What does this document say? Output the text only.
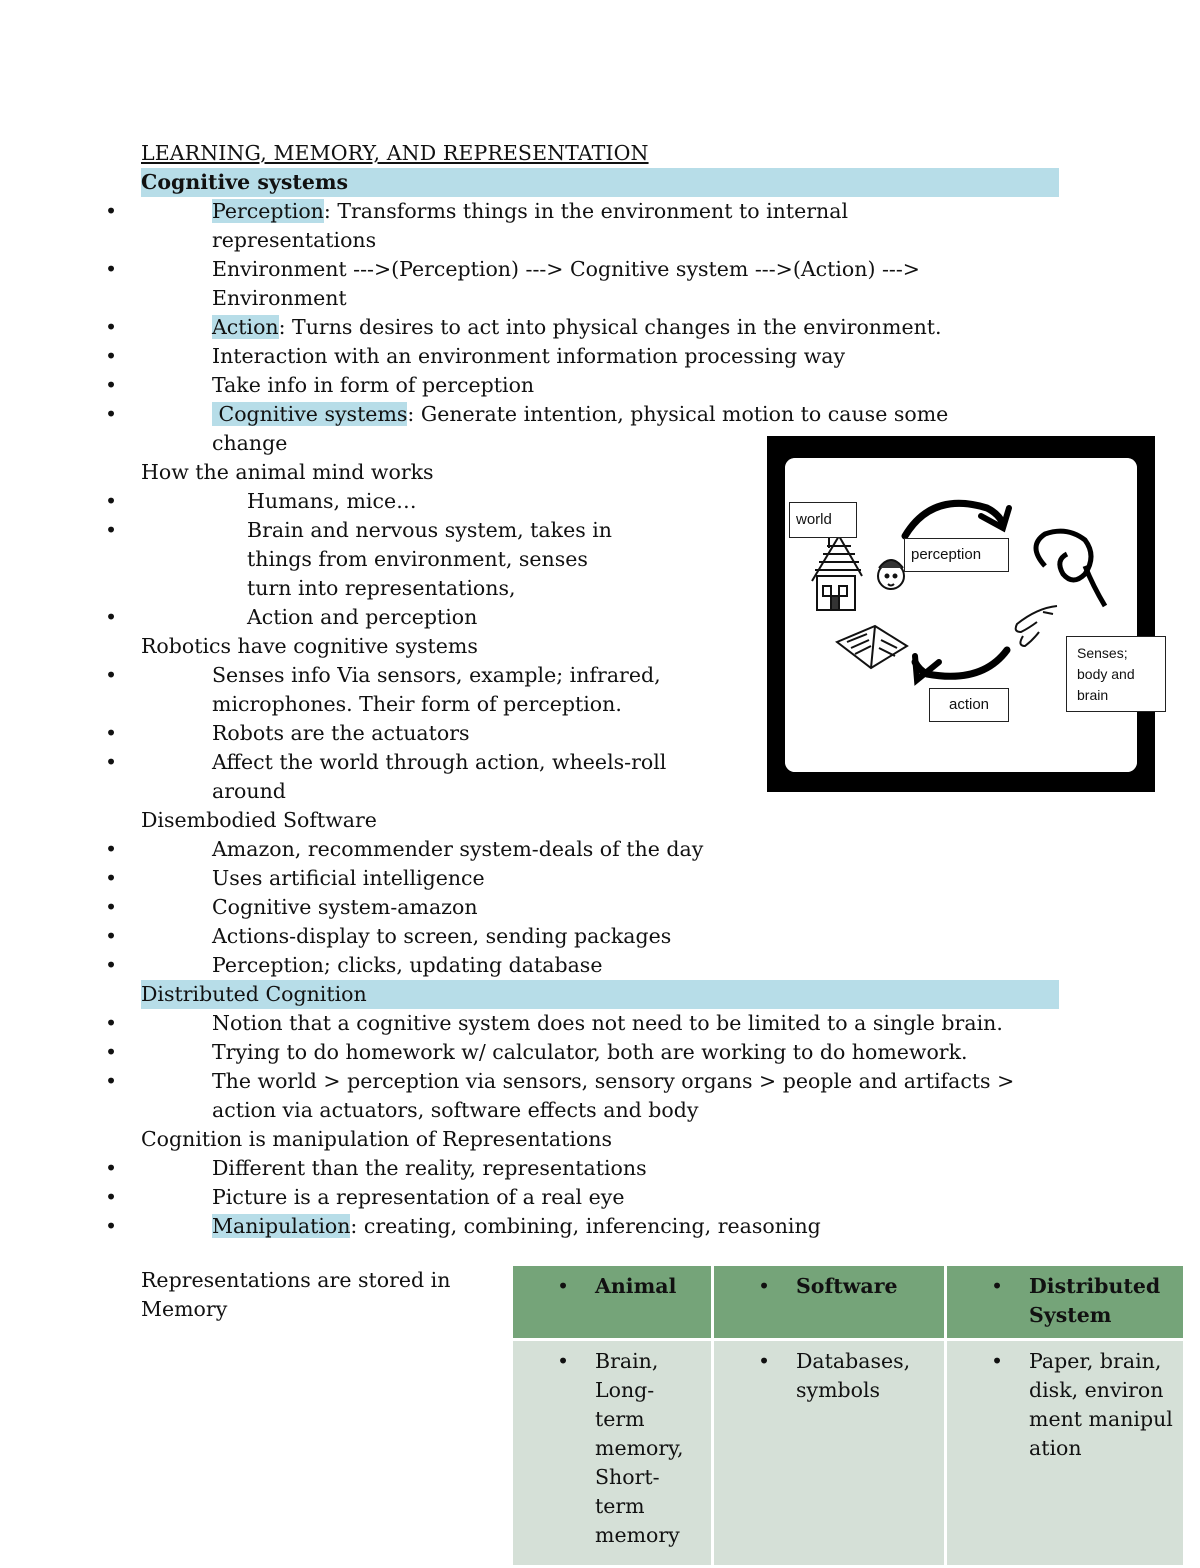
LEARNING, MEMORY, AND REPRESENTATION
Cognitive systems
• Perception: Transforms things in the environment to internal
representations
• Environment --->(Perception) ---> Cognitive system --->(Action) --->
Environment
• Action: Turns desires to act into physical changes in the environment.
• Interaction with an environment information processing way
• Take info in form of perception
•  Cognitive systems: Generate intention, physical motion to cause some
change
How the animal mind works
• Humans, mice…
• Brain and nervous system, takes in things from environment, senses turn into representations,
• Action and perception
Robotics have cognitive systems
• Senses info Via sensors, example; infrared, microphones. Their form of perception.
• Robots are the actuators
• Affect the world through action, wheels-roll around
Disembodied Software
• Amazon, recommender system-deals of the day
• Uses artificial intelligence
• Cognitive system-amazon
• Actions-display to screen, sending packages
• Perception; clicks, updating database
Distributed Cognition
• Notion that a cognitive system does not need to be limited to a single brain.
• Trying to do homework w/ calculator, both are working to do homework.
• The world > perception via sensors, sensory organs > people and artifacts > action via actuators, software effects and body
Cognition is manipulation of Representations
• Different than the reality, representations
• Picture is a representation of a real eye
• Manipulation: creating, combining, inferencing, reasoning
world
perception
action
Senses; body and brain
Representations are stored in Memory
• Animal	• Software	• Distributed System

• Brain, Long-term memory, Short-term memory	• Databases, symbols	• Paper, brain, disk, environment manipulation
